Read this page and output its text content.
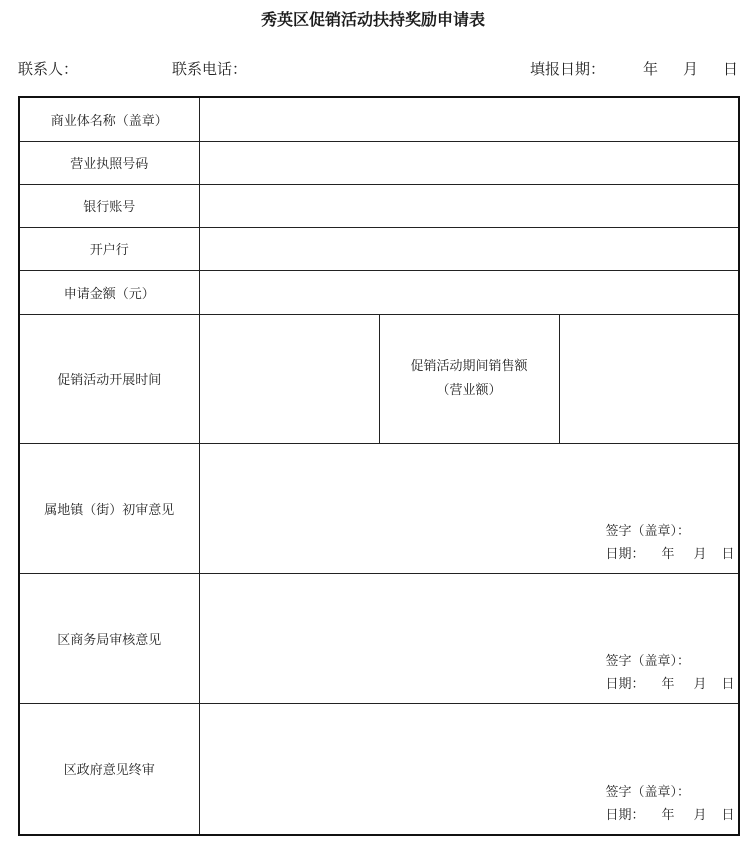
秀英区促销活动扶持奖励申请表
联系人：	联系电话：	填报日期：	年 月 日
商业体名称（盖章）			
营业执照号码			
银行账号			
开户行			
申请金额（元）			
促销活动开展时间		促销活动期间销售额
（营业额）	

属地镇（街）初审意见	签字（盖章）：
日期： 年 月 日		

区商务局审核意见	签字（盖章）：
日期： 年 月 日		

区政府意见终审	签字（盖章）：
日期： 年 月 日		
